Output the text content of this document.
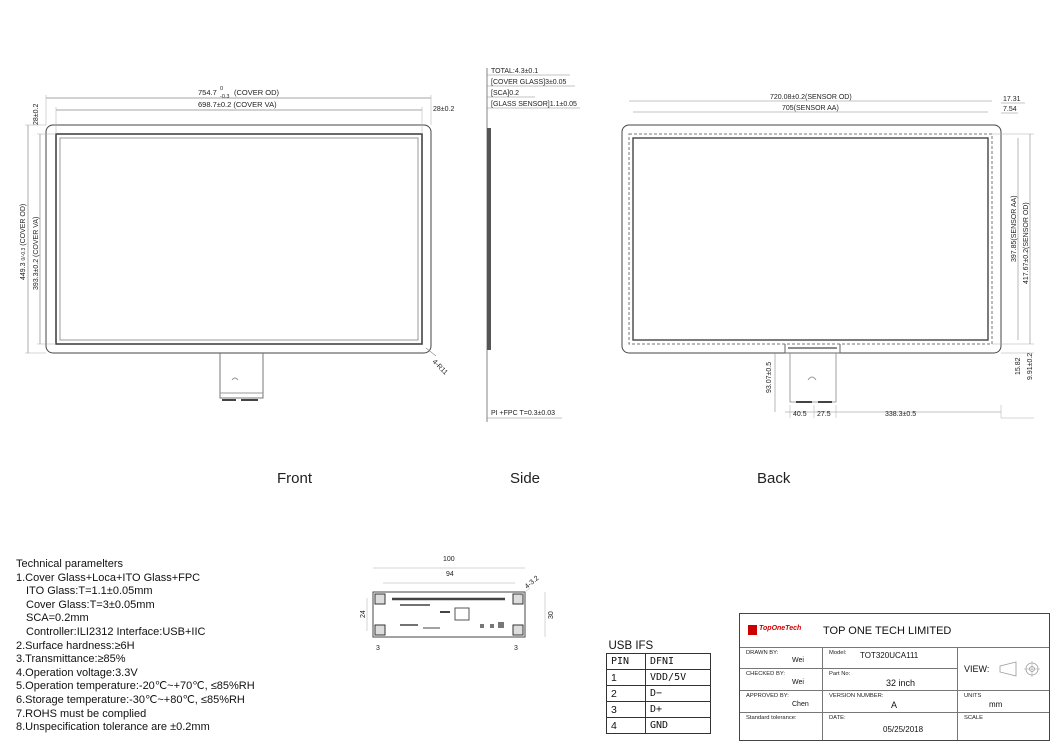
754.7 0
-0.3 (COVER OD)
698.7±0.2 (COVER VA)
28±0.2
28±0.2
449.3 0/-0.3 (COVER OD) 393.3±0.2 (COVER VA)
4-R11
TOTAL:4.3±0.1
[COVER GLASS]3±0.05
[SCA]0.2
[GLASS SENSOR]1.1±0.05
PI +FPC T=0.3±0.03
720.08±0.2(SENSOR OD)
705(SENSOR AA)
17.31
7.54
397.85(SENSOR AA) 417.67±0.2(SENSOR OD)
15.82 9.91±0.2
93.07±0.5
40.5 27.5	338.3±0.5
100
94
24	30
4-3.2
3	3
Front	Side	Back
Technical paramelters
1.Cover Glass+Loca+ITO Glass+FPC
ITO Glass:T=1.1±0.05mm
Cover Glass:T=3±0.05mm
SCA=0.2mm
Controller:ILI2312 Interface:USB+IIC
2.Surface hardness:≥6H
3.Transmittance:≥85%
4.Operation voltage:3.3V
5.Operation temperature:-20℃~+70℃, ≤85%RH
6.Storage temperature:-30℃~+80℃, ≤85%RH
7.ROHS must be complied
8.Unspecification tolerance are ±0.2mm
USB IFS	
PIN	DFNI
1	VDD/5V
2	D−
3	D+
4	GND
TopOneTech TOP ONE TECH LIMITED
DRAWN BY:
Wei
CHECKED BY:
Wei
APPROVED BY:
Chen
Standard tolerance:
Model: TOT320UCA111
Part No:
32 inch
VERSION NUMBER:
A
DATE:
05/25/2018
VIEW:
UNITS
mm
SCALE
